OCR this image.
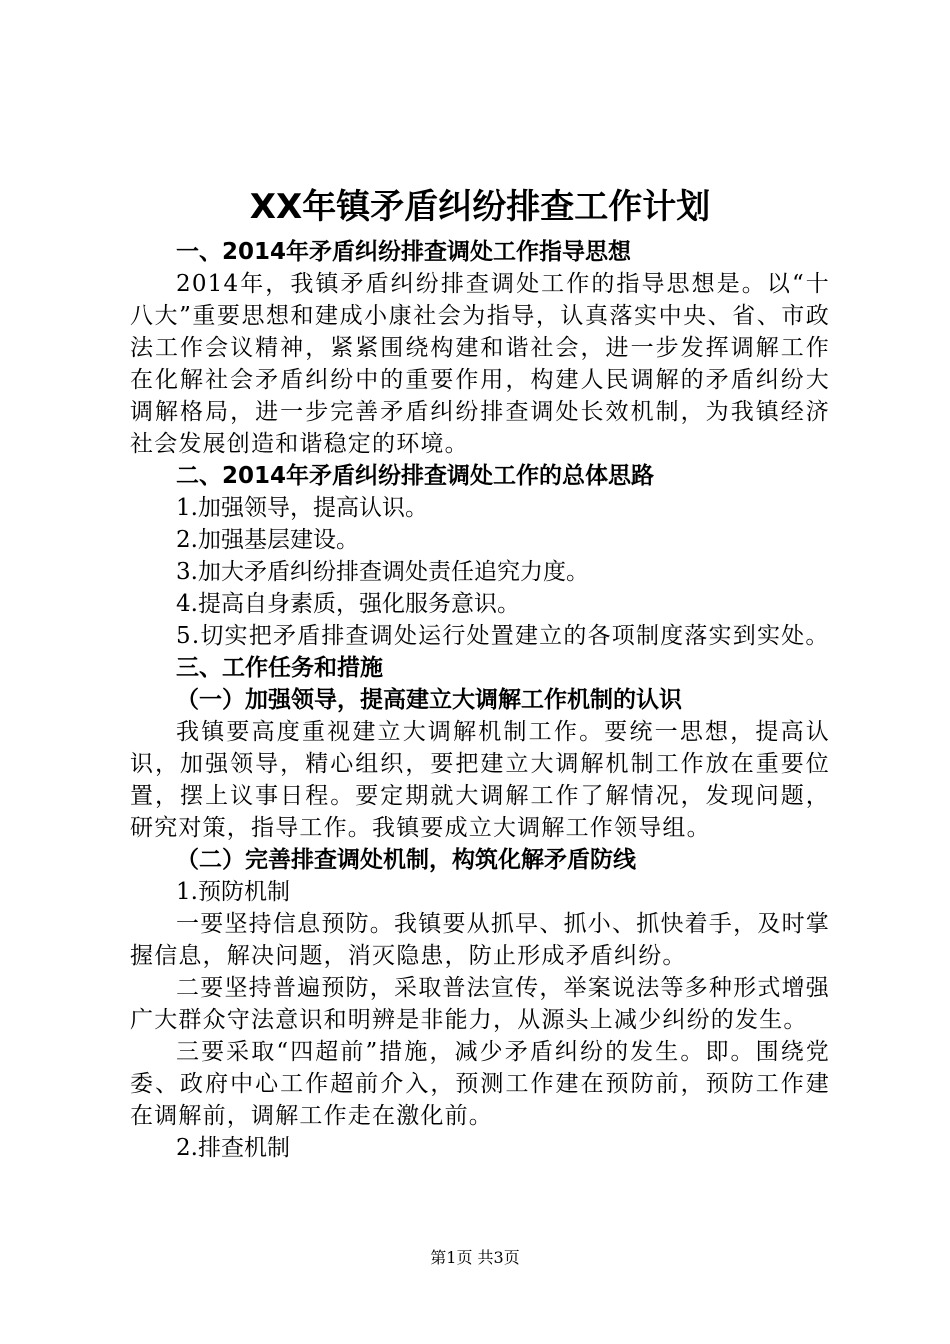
XX年镇矛盾纠纷排查工作计划

一、2014年矛盾纠纷排查调处工作指导思想

2014年，我镇矛盾纠纷排查调处工作的指导思想是。以“十八大”重要思想和建成小康社会为指导，认真落实中央、省、市政法工作会议精神，紧紧围绕构建和谐社会，进一步发挥调解工作在化解社会矛盾纠纷中的重要作用，构建人民调解的矛盾纠纷大调解格局，进一步完善矛盾纠纷排查调处长效机制，为我镇经济社会发展创造和谐稳定的环境。

二、2014年矛盾纠纷排查调处工作的总体思路

1.加强领导，提高认识。

2.加强基层建设。

3.加大矛盾纠纷排查调处责任追究力度。

4.提高自身素质，强化服务意识。

5.切实把矛盾排查调处运行处置建立的各项制度落实到实处。

三、工作任务和措施

（一）加强领导，提高建立大调解工作机制的认识

我镇要高度重视建立大调解机制工作。要统一思想，提高认识，加强领导，精心组织，要把建立大调解机制工作放在重要位置，摆上议事日程。要定期就大调解工作了解情况，发现问题，研究对策，指导工作。我镇要成立大调解工作领导组。

（二）完善排查调处机制，构筑化解矛盾防线

1.预防机制

一要坚持信息预防。我镇要从抓早、抓小、抓快着手，及时掌握信息，解决问题，消灭隐患，防止形成矛盾纠纷。

二要坚持普遍预防，采取普法宣传，举案说法等多种形式增强广大群众守法意识和明辨是非能力，从源头上减少纠纷的发生。

三要采取“四超前”措施，减少矛盾纠纷的发生。即。围绕党委、政府中心工作超前介入，预测工作建在预防前，预防工作建在调解前，调解工作走在激化前。

2.排查机制

第1页 共3页
